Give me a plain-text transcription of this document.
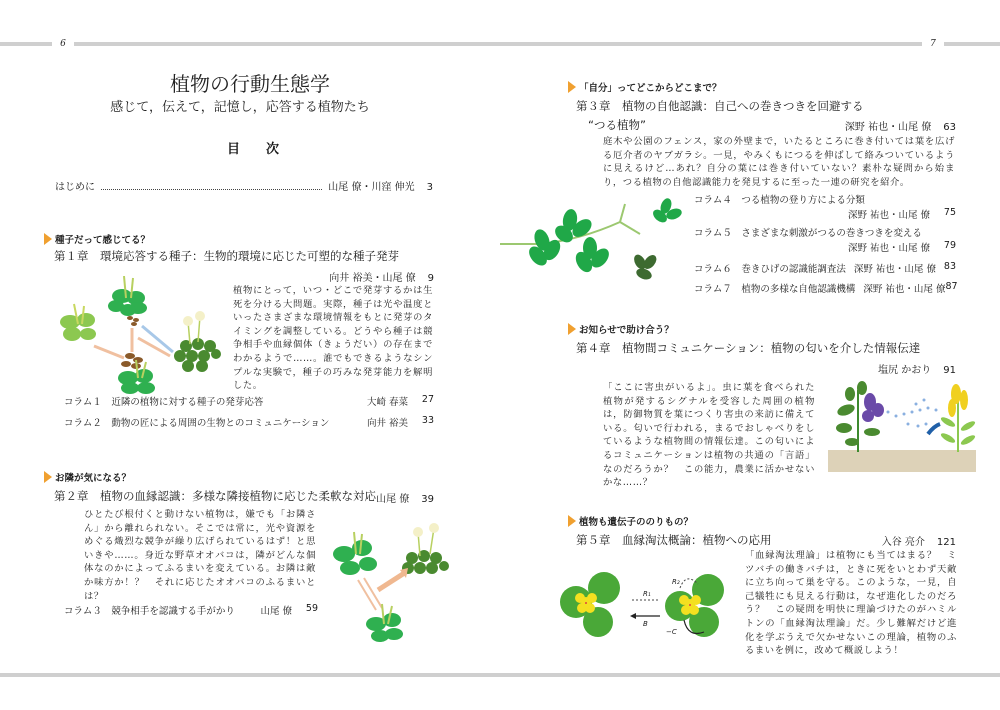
6	7
植物の行動生態学
感じて，伝えて，記憶し，応答する植物たち
目次
はじめに	山尾 僚・川窪 伸光 3
種子だって感じてる？
第１章　環境応答する種子：生物的環境に応じた可塑的な種子発芽
向井 裕美・山尾 僚 9
植物にとって，いつ・どこで発芽するかは生死を分ける大問題。実際，種子は光や温度といったさまざまな環境情報をもとに発芽のタイミングを調整している。どうやら種子は競争相手や血縁個体（きょうだい）の存在までわかるようで……。誰でもできるようなシンプルな実験で，種子の巧みな発芽能力を解明した。
コラム１　近隣の植物に対する種子の発芽応答	大崎 春菜	27
コラム２　動物の匠による周囲の生物とのコミュニケーション	向井 裕美	33
お隣が気になる？
第２章　植物の血縁認識：多様な隣接植物に応じた柔軟な対応 山尾 僚 39
ひとたび根付くと動けない植物は，嫌でも「お隣さん」から離れられない。そこでは常に，光や資源をめぐる熾烈な競争が繰り広げられているはず！と思いきや……。身近な野草オオバコは，隣がどんな個体なのかによってふるまいを変えている。お隣は敵か味方か！？　それに応じたオオバコのふるまいとは？
コラム３　競争相手を認識する手がかり	山尾 僚	59
「自分」ってどこからどこまで？
第３章　植物の自他認識：自己への巻きつきを回避する
“つる植物”	深野 祐也・山尾 僚 63
庭木や公園のフェンス，家の外壁まで，いたるところに巻き付いては葉を広げる厄介者のヤブガラシ。一見，やみくもにつるを伸ばして絡みついているように見えるけど…あれ？自分の葉には巻き付いていない？素朴な疑問から始まり，つる植物の自他認識能力を発見するに至った一連の研究を紹介。
コラム４　つる植物の登り方による分類
深野 祐也・山尾 僚	75
コラム５　さまざまな刺激がつるの巻きつきを変える
深野 祐也・山尾 僚	79
コラム６　巻きひげの認識能調査法 深野 祐也・山尾 僚 83
コラム７　植物の多様な自他認識機構 深野 祐也・山尾 僚 87
お知らせで助け合う？
第４章　植物間コミュニケーション：植物の匂いを介した情報伝達
塩尻 かおり 91
「ここに害虫がいるよ」。虫に葉を食べられた植物が発するシグナルを受容した周囲の植物は，防御物質を葉につくり害虫の来訪に備えている。匂いで行われる，まるでおしゃべりをしているような植物間の情報伝達。この匂いによるコミュニケーションは植物の共通の「言語」なのだろうか？　この能力，農業に活かせないかな……？
植物も遺伝子ののりもの？
第５章　血縁淘汰概論：植物への応用	入谷 亮介 121
「血縁淘汰理論」は植物にも当てはまる？　ミツバチの働きバチは，ときに死をいとわず天敵に立ち向って巣を守る。このような，一見，自己犠牲にも見える行動は，なぜ進化したのだろう？　この疑問を明快に理論づけたのがハミルトンの「血縁淘汰理論」だ。少し難解だけど進化を学ぶうえで欠かせないこの理論，植物のふるまいを例に，改めて概説しよう！
R₁
B
R₂
−C
